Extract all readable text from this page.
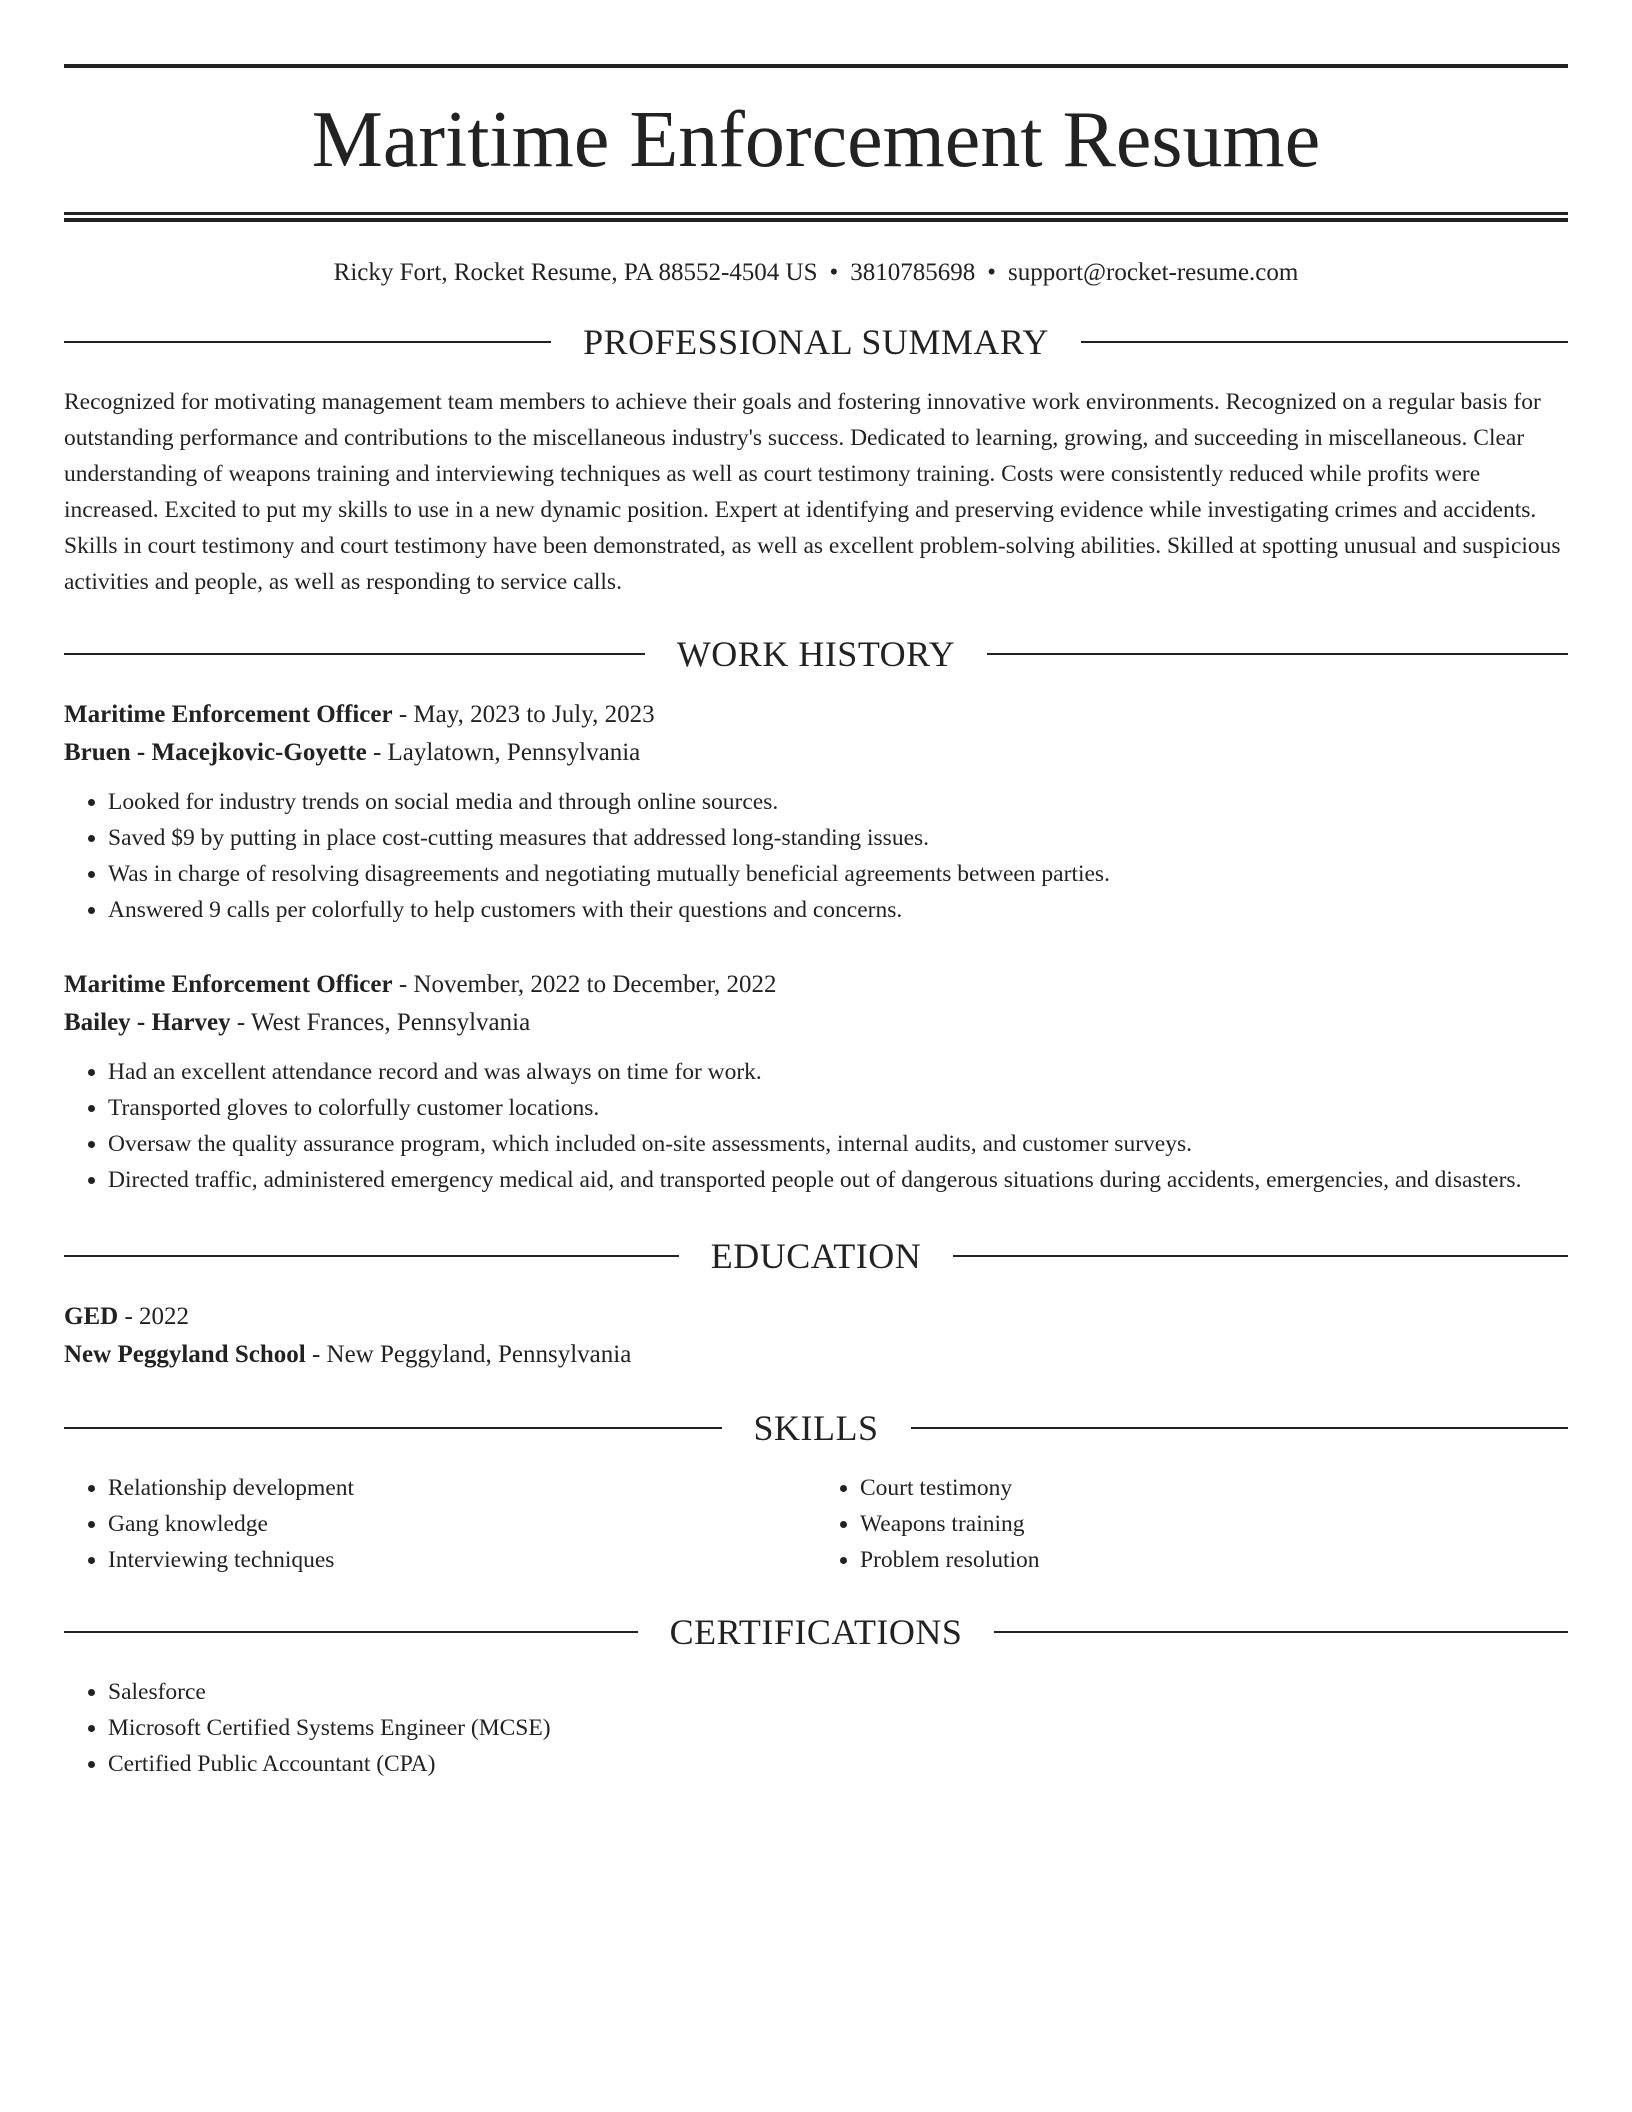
Maritime Enforcement Resume
Ricky Fort, Rocket Resume, PA 88552-4504 US • 3810785698 • support@rocket-resume.com
PROFESSIONAL SUMMARY

Recognized for motivating management team members to achieve their goals and fostering innovative work environments. Recognized on a regular basis for outstanding performance and contributions to the miscellaneous industry's success. Dedicated to learning, growing, and succeeding in miscellaneous. Clear understanding of weapons training and interviewing techniques as well as court testimony training. Costs were consistently reduced while profits were increased. Excited to put my skills to use in a new dynamic position. Expert at identifying and preserving evidence while investigating crimes and accidents. Skills in court testimony and court testimony have been demonstrated, as well as excellent problem-solving abilities. Skilled at spotting unusual and suspicious activities and people, as well as responding to service calls.

WORK HISTORY
Maritime Enforcement Officer - May, 2023 to July, 2023
Bruen - Macejkovic-Goyette - Laylatown, Pennsylvania
• Looked for industry trends on social media and through online sources.
• Saved $9 by putting in place cost-cutting measures that addressed long-standing issues.
• Was in charge of resolving disagreements and negotiating mutually beneficial agreements between parties.
• Answered 9 calls per colorfully to help customers with their questions and concerns.
Maritime Enforcement Officer - November, 2022 to December, 2022
Bailey - Harvey - West Frances, Pennsylvania
• Had an excellent attendance record and was always on time for work.
• Transported gloves to colorfully customer locations.
• Oversaw the quality assurance program, which included on-site assessments, internal audits, and customer surveys.
• Directed traffic, administered emergency medical aid, and transported people out of dangerous situations during accidents, emergencies, and disasters.
EDUCATION
GED - 2022
New Peggyland School - New Peggyland, Pennsylvania
SKILLS
• Relationship development
• Gang knowledge
• Interviewing techniques
• Court testimony
• Weapons training
• Problem resolution
CERTIFICATIONS
• Salesforce
• Microsoft Certified Systems Engineer (MCSE)
• Certified Public Accountant (CPA)
